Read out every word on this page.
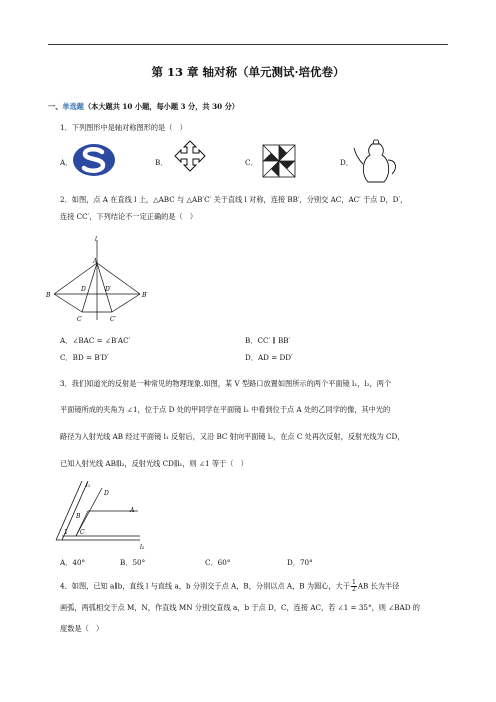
第 13 章 轴对称（单元测试·培优卷）
一、单选题（本大题共 10 小题，每小题 3 分，共 30 分）
1．下列图形中是轴对称图形的是（　）
A．	B．	C．	D．
2．如图，点 A 在直线 l 上，△ABC 与 △AB′C′ 关于直线 l 对称，连接 BB′，分别交 AC，AC′ 于点 D，D′，
连接 CC′，下列结论不一定正确的是（　）
l
A
B
D	D′
B′
C	C′
A．∠BAC = ∠B′AC′	B．CC′ ∥ BB′
C．BD = B′D′	D．AD = DD′
3．我们知道光的反射是一种常见的物理现象.如图，某 V 型路口放置如图所示的两个平面镜 l₁，l₂，两个
平面镜所成的夹角为 ∠1，位于点 D 处的甲同学在平面镜 l₂ 中看到位于点 A 处的乙同学的像，其中光的
路径为入射光线 AB 经过平面镜 l₁ 反射后，又沿 BC 射向平面镜 l₂，在点 C 处再次反射，反射光线为 CD，
已知入射光线 AB∥l₂，反射光线 CD∥l₁，则 ∠1 等于（　）
l₁
D
A
B
1 C
l₂
A．40°	B．50°	C．60°	D．70°
4．如图，已知 a∥b，直线 l 与直线 a，b 分别交于点 A，B，分别以点 A，B 为圆心，大于 $\frac{1}{2}$ AB 长为半径
画弧，两弧相交于点 M，N，作直线 MN 分别交直线 a，b 于点 D，C，连接 AC，若 ∠1 = 35°，则 ∠BAD 的
度数是（　）
